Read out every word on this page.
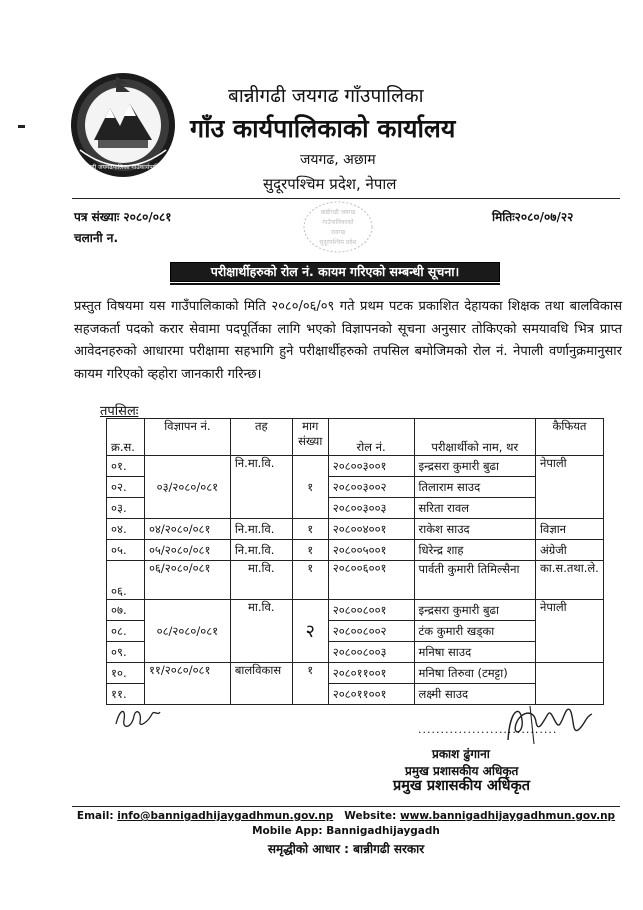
जयगढी जयगढपालिका गाउँकार्यपालिका
बान्नीगढी जयगढ गाँउपालिका
गाँउ कार्यपालिकाको कार्यालय
जयगढ, अछाम
सुदूरपश्चिम प्रदेश, नेपाल
पत्र संख्याः २०८०/०८१
चलानी न.
मितिः२०८०/०७/२२
बान्नीगढी जयगढ
गाउँपालिकाको
जयगढ
सुदूरपश्चिम प्रदेश
परीक्षार्थीहरुको रोल नं. कायम गरिएको सम्बन्धी सूचना।
प्रस्तुत विषयमा यस गाउँपालिकाको मिति २०८०/०६/०९ गते प्रथम पटक प्रकाशित देहायका शिक्षक तथा बालविकास सहजकर्ता पदको करार सेवामा पदपूर्तिका लागि भएको विज्ञापनको सूचना अनुसार तोकिएको समयावधि भित्र प्राप्त आवेदनहरुको आधारमा परीक्षामा सहभागि हुने परीक्षार्थीहरुको तपसिल बमोजिमको रोल नं. नेपाली वर्णानुक्रमानुसार कायम गरिएको व्हहोरा जानकारी गरिन्छ।
तपसिलः
क्र.स.	विज्ञापन नं.	तह	माग संख्या	रोल नं.	परीक्षार्थीको नाम, थर	कैफियत
०१.	०३/२०८०/०८१	नि.मा.वि.	१	२०८००३००१	इन्द्रसरा कुमारी बुढा	नेपाली
०२.				२०८००३००२	तिलाराम साउद	
०३.				२०८००३००३	सरिता रावल	
०४.	०४/२०८०/०८१	नि.मा.वि.	१	२०८००४००१	राकेश साउद	विज्ञान
०५.	०५/२०८०/०८१	नि.मा.वि.	१	२०८००५००१	धिरेन्द्र शाह	अंग्रेजी
०६.	०६/२०८०/०८१	मा.वि.	१	२०८००६००१	पार्वती कुमारी तिमिल्सैना	का.स.तथा.ले.
०७.	०८/२०८०/०८१	मा.वि.	२	२०८००८००१	इन्द्रसरा कुमारी बुढा	नेपाली
०८.				२०८००८००२	टंक कुमारी खड्का	
०९.				२०८००८००३	मनिषा साउद	
१०.	११/२०८०/०८१	बालविकास	१	२०८०११००१	मनिषा तिरुवा (टमट्टा)	
११.				२०८०११००१	लक्ष्मी साउद	
...............................
प्रकाश ढुंगाना
प्रमुख प्रशासकीय अधिकृत
प्रमुख प्रशासकीय अधिकृत
Email: info@bannigadhijaygadhmun.gov.np Website: www.bannigadhijaygadhmun.gov.np
Mobile App: Bannigadhijaygadh
समृद्धीको आधार : बान्नीगढी सरकार
